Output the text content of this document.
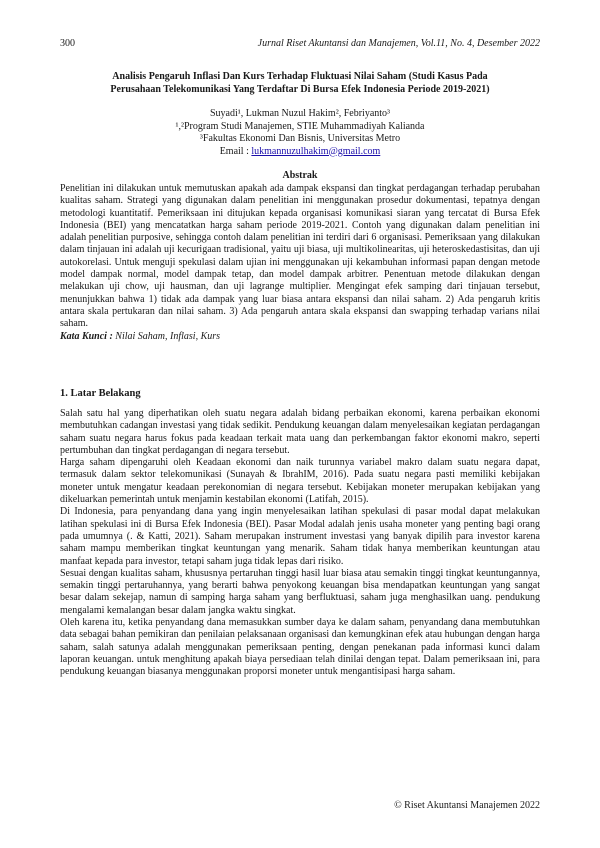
300	Jurnal Riset Akuntansi dan Manajemen, Vol.11, No. 4, Desember 2022
Analisis Pengaruh Inflasi Dan Kurs Terhadap Fluktuasi Nilai Saham (Studi Kasus Pada
Perusahaan Telekomunikasi Yang Terdaftar Di Bursa Efek Indonesia Periode 2019-2021)
Suyadi¹, Lukman Nuzul Hakim², Febriyanto³
¹,²Program Studi Manajemen, STIE Muhammadiyah Kalianda
³Fakultas Ekonomi Dan Bisnis, Universitas Metro
Email : lukmannuzulhakim@gmail.com
Abstrak

Penelitian ini dilakukan untuk memutuskan apakah ada dampak ekspansi dan tingkat perdagangan terhadap perubahan kualitas saham. Strategi yang digunakan dalam penelitian ini menggunakan prosedur dokumentasi, tepatnya dengan metodologi kuantitatif. Pemeriksaan ini ditujukan kepada organisasi komunikasi siaran yang tercatat di Bursa Efek Indonesia (BEI) yang mencatatkan harga saham periode 2019-2021. Contoh yang digunakan dalam penelitian ini adalah penelitian purposive, sehingga contoh dalam penelitian ini terdiri dari 6 organisasi. Pemeriksaan yang dilakukan dalam tinjauan ini adalah uji kecurigaan tradisional, yaitu uji biasa, uji multikolinearitas, uji heteroskedastisitas, dan uji autokorelasi. Untuk menguji spekulasi dalam ujian ini menggunakan uji kekambuhan informasi papan dengan metode model dampak normal, model dampak tetap, dan model dampak arbitrer. Penentuan metode dilakukan dengan melakukan uji chow, uji hausman, dan uji lagrange multiplier. Mengingat efek samping dari tinjauan tersebut, menunjukkan bahwa 1) tidak ada dampak yang luar biasa antara ekspansi dan nilai saham. 2) Ada pengaruh kritis antara skala pertukaran dan nilai saham. 3) Ada pengaruh antara skala ekspansi dan swapping terhadap varians nilai saham.

Kata Kunci : Nilai Saham, Inflasi, Kurs

1. Latar Belakang

Salah satu hal yang diperhatikan oleh suatu negara adalah bidang perbaikan ekonomi, karena perbaikan ekonomi membutuhkan cadangan investasi yang tidak sedikit. Pendukung keuangan dalam menyelesaikan kegiatan perdagangan saham suatu negara harus fokus pada keadaan terkait mata uang dan perkembangan faktor ekonomi makro, seperti pertumbuhan dan tingkat perdagangan di negara tersebut.

Harga saham dipengaruhi oleh Keadaan ekonomi dan naik turunnya variabel makro dalam suatu negara dapat, termasuk dalam sektor telekomunikasi (Sunayah & IbrahIM, 2016). Pada suatu negara pasti memiliki kebijakan moneter untuk mengatur keadaan perekonomian di negara tersebut. Kebijakan moneter merupakan kebijakan yang dikeluarkan pemerintah untuk menjamin kestabilan ekonomi (Latifah, 2015).

Di Indonesia, para penyandang dana yang ingin menyelesaikan latihan spekulasi di pasar modal dapat melakukan latihan spekulasi ini di Bursa Efek Indonesia (BEI). Pasar Modal adalah jenis usaha moneter yang penting bagi orang pada umumnya (. & Katti, 2021). Saham merupakan instrument investasi yang banyak dipilih para investor karena saham mampu memberikan tingkat keuntungan yang menarik. Saham tidak hanya memberikan keuntungan atau manfaat kepada para investor, tetapi saham juga tidak lepas dari risiko.

Sesuai dengan kualitas saham, khususnya pertaruhan tinggi hasil luar biasa atau semakin tinggi tingkat keuntungannya, semakin tinggi pertaruhannya, yang berarti bahwa penyokong keuangan bisa mendapatkan keuntungan yang sangat besar dalam sekejap, namun di samping harga saham yang berfluktuasi, saham juga menghasilkan uang. pendukung mengalami kemalangan besar dalam jangka waktu singkat.

Oleh karena itu, ketika penyandang dana memasukkan sumber daya ke dalam saham, penyandang dana membutuhkan data sebagai bahan pemikiran dan penilaian pelaksanaan organisasi dan kemungkinan efek atau hubungan dengan harga saham, salah satunya adalah menggunakan pemeriksaan penting, dengan penekanan pada informasi kunci dalam laporan keuangan. untuk menghitung apakah biaya persediaan telah dinilai dengan tepat. Dalam pemeriksaan ini, para pendukung keuangan biasanya menggunakan proporsi moneter untuk mengantisipasi harga saham.

© Riset Akuntansi Manajemen 2022
